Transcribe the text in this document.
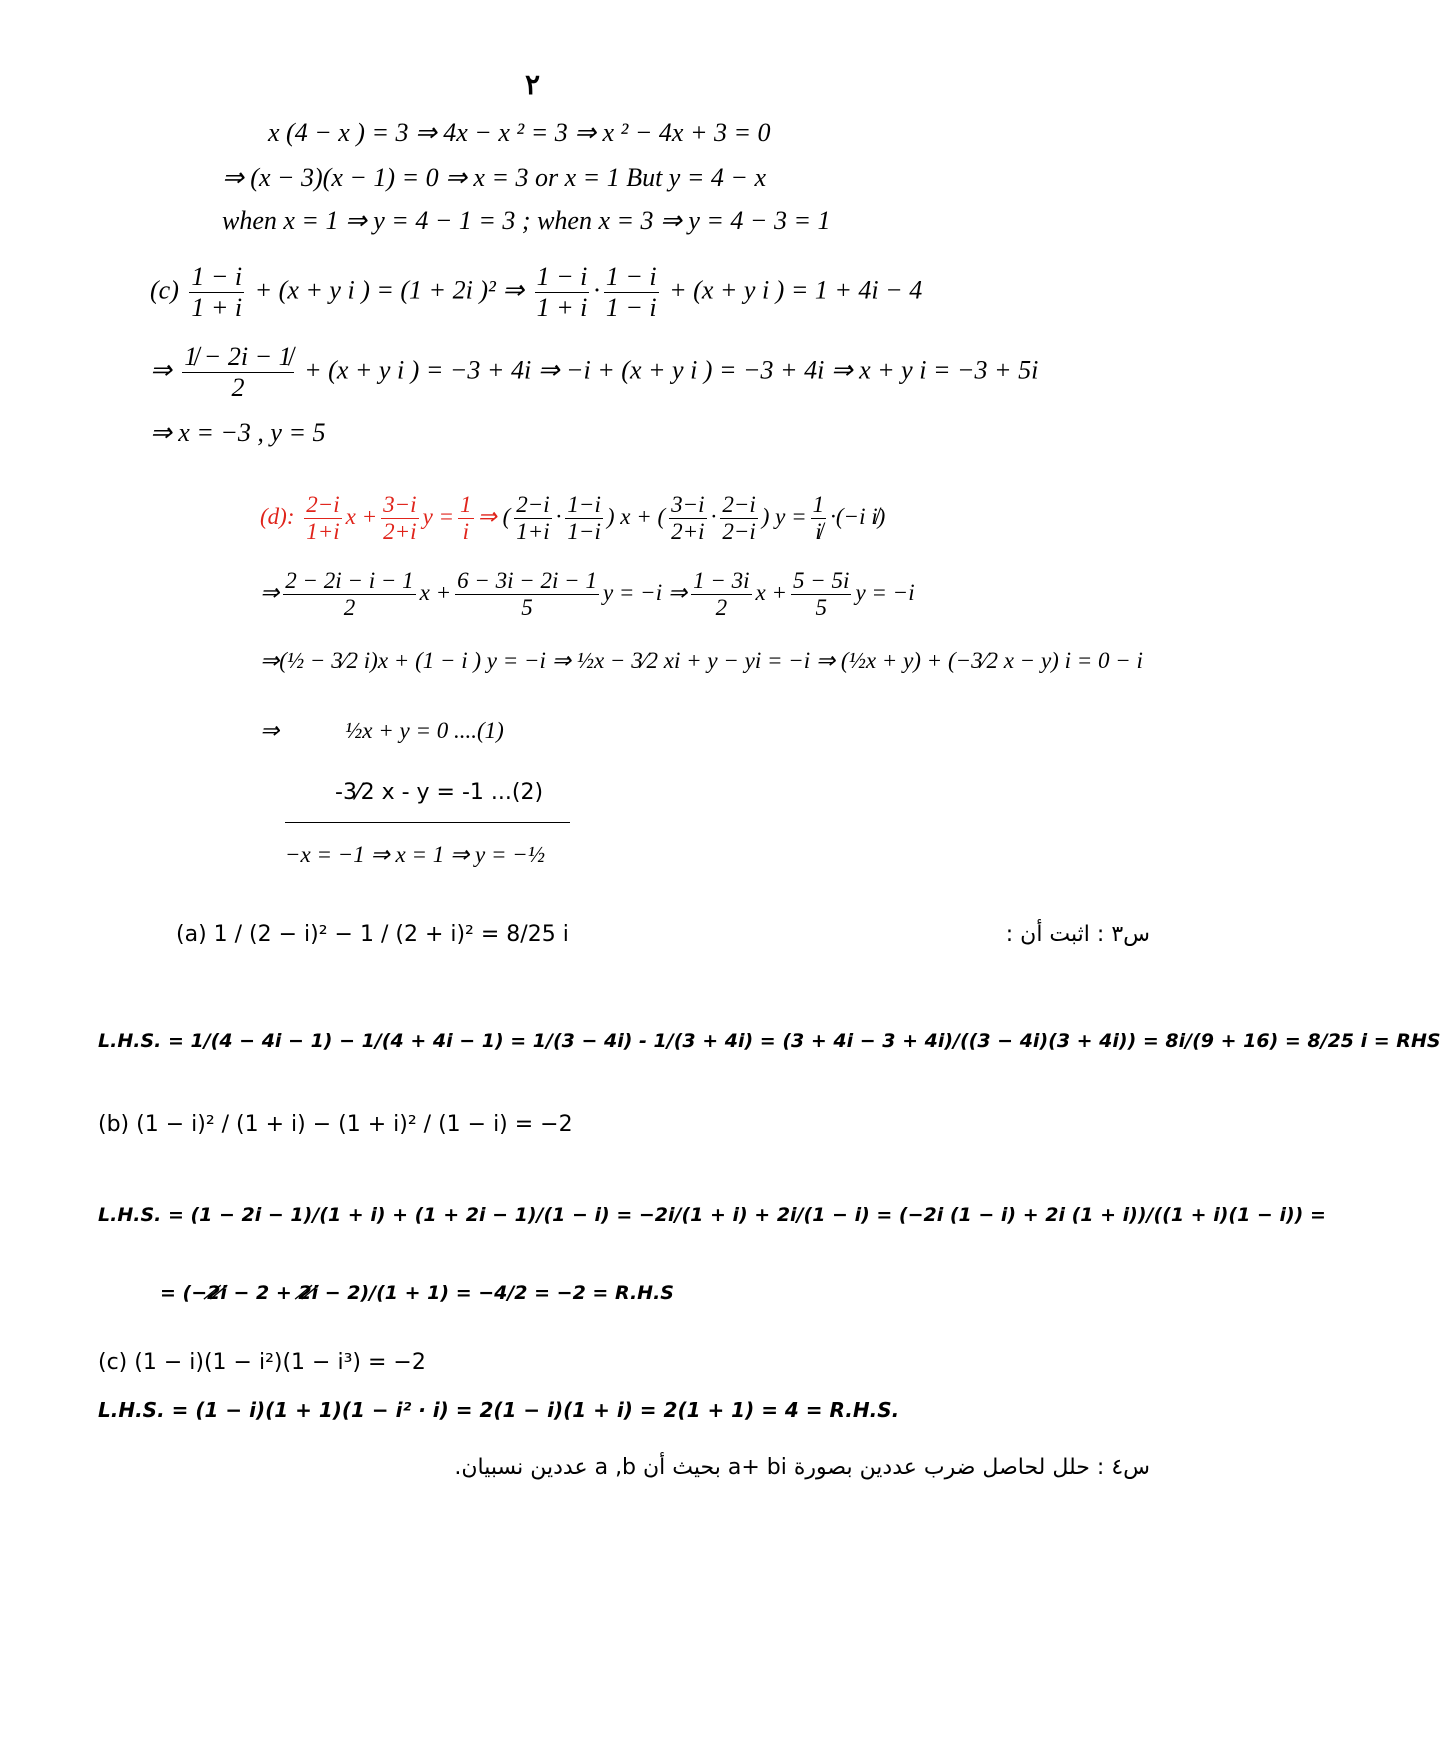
٢
x (4 − x ) = 3 ⇒ 4x − x ² = 3 ⇒ x ² − 4x + 3 = 0
⇒ (x − 3)(x − 1) = 0 ⇒ x = 3 or x = 1 But y = 4 − x
when x = 1 ⇒ y = 4 − 1 = 3 ; when x = 3 ⇒ y = 4 − 3 = 1
$(c) \frac{1 - i}{1 + i} + (x + y$ i ) = (1 + 2i )² ⇒ $\frac{1 - i}{1 + i} \cdot \frac{1 - i}{1 - i} + (x + y$ i ) = 1 + 4i − 4
⇒ $\frac{1̸ - 2i - 1̸}{2} + (x + y$ i ) = −3 + 4i ⇒ −i + (x + y i ) = −3 + 4i ⇒ x + y i = −3 + 5i
⇒ x = −3 , y = 5
(d): $\frac{2-i}{1+i}$ $x + \frac{3-i}{2+i}$ $y = \frac{1}{i}$ ⇒ ( $\frac{2-i}{1+i} \cdot \frac{1-i}{1-i}$ ) x + ( $\frac{3-i}{2+i} \cdot \frac{2-i}{2-i}$ ) $y = \frac{1}{i̸} \cdot(-i$ i̸)
⇒ $\frac{2 - 2i - i - 1}{2}$ $x + \frac{6 - 3i - 2i - 1}{5}$ y = −i ⇒ $\frac{1 - 3i}{2}$ $x + \frac{5 - 5i}{5}$ y = −i
⇒(½ − 3⁄2 i)x + (1 − i ) y = −i ⇒ ½x − 3⁄2 xi + y − yi = −i ⇒ (½x + y) + (−3⁄2 x − y) i = 0 − i
⇒	½x + y = 0 ....(1)
-3⁄2 x - y = -1 ...(2)
−x = −1 ⇒ x = 1 ⇒ y = −½
س٣ : اثبت أن :
(a) 1 / (2 − i)² − 1 / (2 + i)² = 8/25 i
L.H.S. = 1/(4 − 4i − 1) − 1/(4 + 4i − 1) = 1/(3 − 4i) - 1/(3 + 4i) = (3 + 4i − 3 + 4i)/((3 − 4i)(3 + 4i)) = 8i/(9 + 16) = 8/25 i = RHS
(b) (1 − i)² / (1 + i) − (1 + i)² / (1 − i) = −2
L.H.S. = (1 − 2i − 1)/(1 + i) + (1 + 2i − 1)/(1 − i) = −2i/(1 + i) + 2i/(1 − i) = (−2i (1 − i) + 2i (1 + i))/((1 + i)(1 − i)) =
= (−2̸i̸ − 2 + 2̸i̸ − 2)/(1 + 1) = −4/2 = −2 = R.H.S
(c) (1 − i)(1 − i²)(1 − i³) = −2
L.H.S. = (1 − i)(1 + 1)(1 − i² · i) = 2(1 − i)(1 + i) = 2(1 + 1) = 4 = R.H.S.
س٤ : حلل لحاصل ضرب عددين بصورة a+ bi بحيث أن a ,b عددين نسبيان.
